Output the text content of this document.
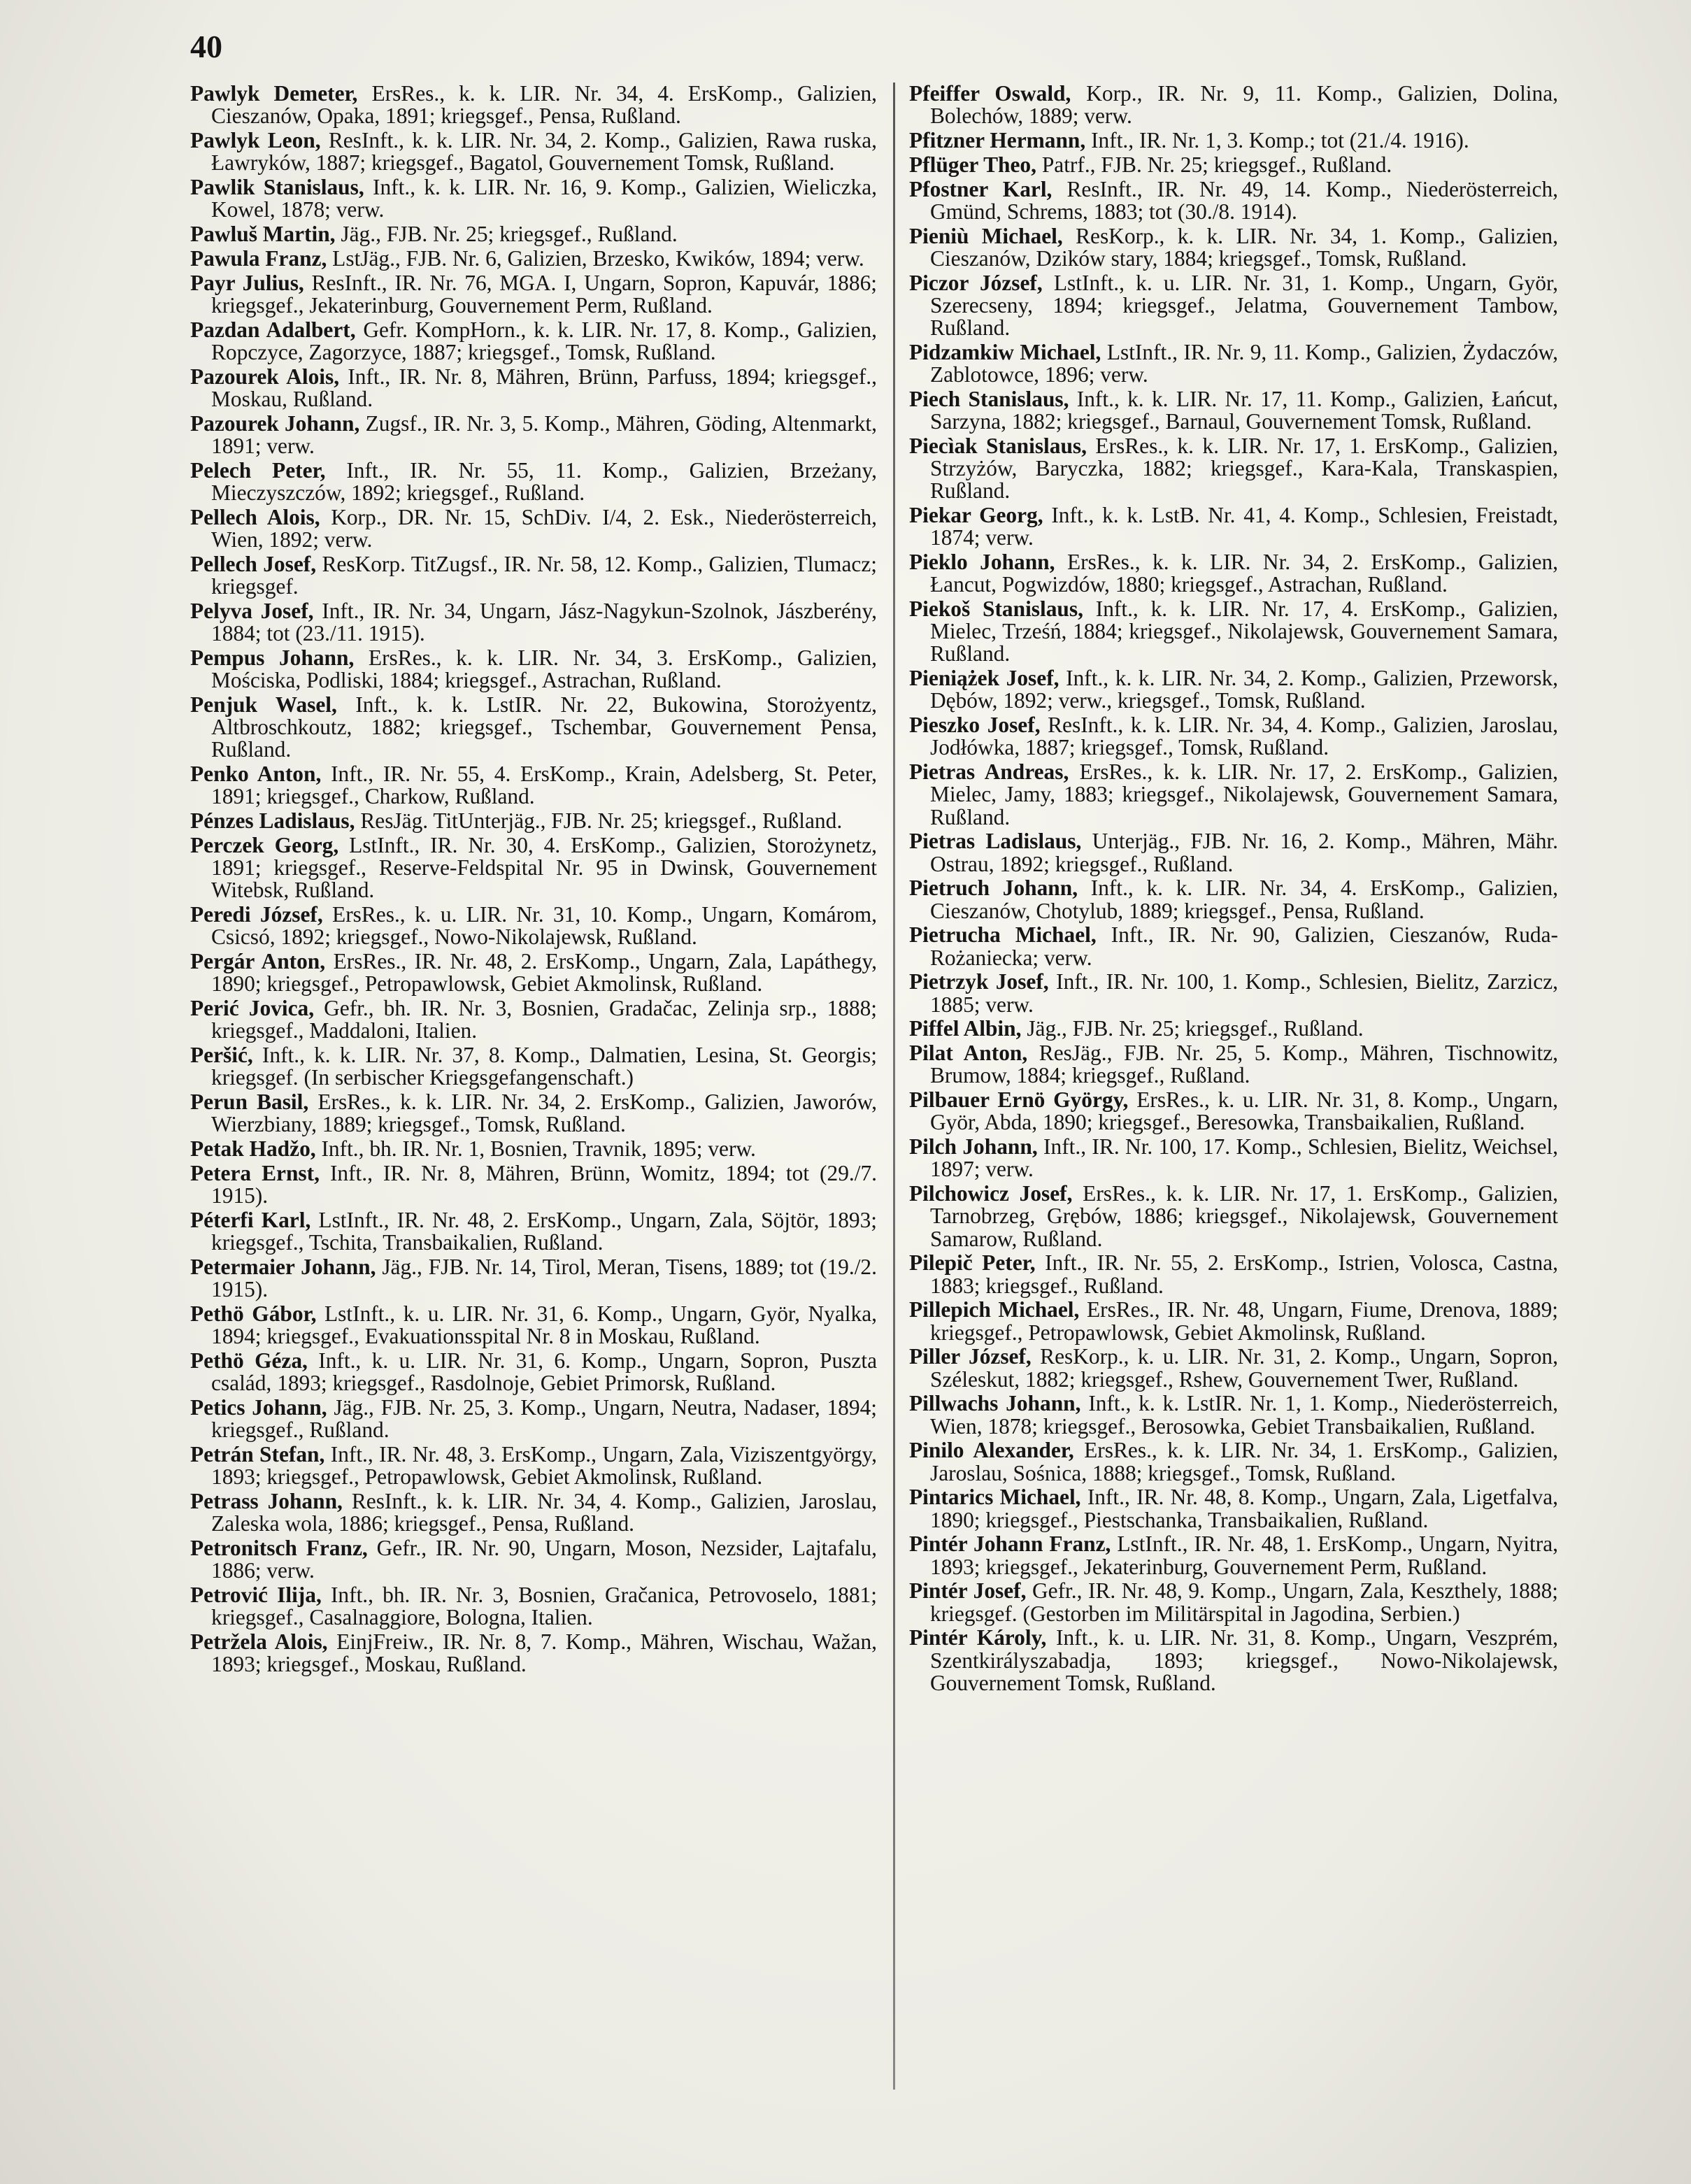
40

Pawlyk Demeter, ErsRes., k. k. LIR. Nr. 34, 4. ErsKomp., Galizien, Cieszanów, Opaka, 1891; kriegsgef., Pensa, Rußland.

Pawlyk Leon, ResInft., k. k. LIR. Nr. 34, 2. Komp., Galizien, Rawa ruska, Ławryków, 1887; kriegsgef., Bagatol, Gouvernement Tomsk, Rußland.

Pawlik Stanislaus, Inft., k. k. LIR. Nr. 16, 9. Komp., Galizien, Wieliczka, Kowel, 1878; verw.

Pawluš Martin, Jäg., FJB. Nr. 25; kriegsgef., Rußland.

Pawula Franz, LstJäg., FJB. Nr. 6, Galizien, Brzesko, Kwików, 1894; verw.

Payr Julius, ResInft., IR. Nr. 76, MGA. I, Ungarn, Sopron, Kapuvár, 1886; kriegsgef., Jekaterinburg, Gouvernement Perm, Rußland.

Pazdan Adalbert, Gefr. KompHorn., k. k. LIR. Nr. 17, 8. Komp., Galizien, Ropczyce, Zagorzyce, 1887; kriegsgef., Tomsk, Rußland.

Pazourek Alois, Inft., IR. Nr. 8, Mähren, Brünn, Parfuss, 1894; kriegsgef., Moskau, Rußland.

Pazourek Johann, Zugsf., IR. Nr. 3, 5. Komp., Mähren, Göding, Altenmarkt, 1891; verw.

Pelech Peter, Inft., IR. Nr. 55, 11. Komp., Galizien, Brzeżany, Mieczyszczów, 1892; kriegsgef., Rußland.

Pellech Alois, Korp., DR. Nr. 15, SchDiv. I/4, 2. Esk., Niederösterreich, Wien, 1892; verw.

Pellech Josef, ResKorp. TitZugsf., IR. Nr. 58, 12. Komp., Galizien, Tlumacz; kriegsgef.

Pelyva Josef, Inft., IR. Nr. 34, Ungarn, Jász-Nagykun-Szolnok, Jászberény, 1884; tot (23./11. 1915).

Pempus Johann, ErsRes., k. k. LIR. Nr. 34, 3. ErsKomp., Galizien, Mościska, Podliski, 1884; kriegsgef., Astrachan, Rußland.

Penjuk Wasel, Inft., k. k. LstIR. Nr. 22, Bukowina, Storożyentz, Altbroschkoutz, 1882; kriegsgef., Tschembar, Gouvernement Pensa, Rußland.

Penko Anton, Inft., IR. Nr. 55, 4. ErsKomp., Krain, Adelsberg, St. Peter, 1891; kriegsgef., Charkow, Rußland.

Pénzes Ladislaus, ResJäg. TitUnterjäg., FJB. Nr. 25; kriegsgef., Rußland.

Perczek Georg, LstInft., IR. Nr. 30, 4. ErsKomp., Galizien, Storożynetz, 1891; kriegsgef., Reserve-Feldspital Nr. 95 in Dwinsk, Gouvernement Witebsk, Rußland.

Peredi József, ErsRes., k. u. LIR. Nr. 31, 10. Komp., Ungarn, Komárom, Csicsó, 1892; kriegsgef., Nowo-Nikolajewsk, Rußland.

Pergár Anton, ErsRes., IR. Nr. 48, 2. ErsKomp., Ungarn, Zala, Lapáthegy, 1890; kriegsgef., Petropawlowsk, Gebiet Akmolinsk, Rußland.

Perić Jovica, Gefr., bh. IR. Nr. 3, Bosnien, Gradačac, Zelinja srp., 1888; kriegsgef., Maddaloni, Italien.

Peršić, Inft., k. k. LIR. Nr. 37, 8. Komp., Dalmatien, Lesina, St. Georgis; kriegsgef. (In serbischer Kriegsgefangenschaft.)

Perun Basil, ErsRes., k. k. LIR. Nr. 34, 2. ErsKomp., Galizien, Jaworów, Wierzbiany, 1889; kriegsgef., Tomsk, Rußland.

Petak Hadžo, Inft., bh. IR. Nr. 1, Bosnien, Travnik, 1895; verw.

Petera Ernst, Inft., IR. Nr. 8, Mähren, Brünn, Womitz, 1894; tot (29./7. 1915).

Péterfi Karl, LstInft., IR. Nr. 48, 2. ErsKomp., Ungarn, Zala, Söjtör, 1893; kriegsgef., Tschita, Transbaikalien, Rußland.

Petermaier Johann, Jäg., FJB. Nr. 14, Tirol, Meran, Tisens, 1889; tot (19./2. 1915).

Pethö Gábor, LstInft., k. u. LIR. Nr. 31, 6. Komp., Ungarn, Györ, Nyalka, 1894; kriegsgef., Evakuationsspital Nr. 8 in Moskau, Rußland.

Pethö Géza, Inft., k. u. LIR. Nr. 31, 6. Komp., Ungarn, Sopron, Puszta család, 1893; kriegsgef., Rasdolnoje, Gebiet Primorsk, Rußland.

Petics Johann, Jäg., FJB. Nr. 25, 3. Komp., Ungarn, Neutra, Nadaser, 1894; kriegsgef., Rußland.

Petrán Stefan, Inft., IR. Nr. 48, 3. ErsKomp., Ungarn, Zala, Viziszentgyörgy, 1893; kriegsgef., Petropawlowsk, Gebiet Akmolinsk, Rußland.

Petrass Johann, ResInft., k. k. LIR. Nr. 34, 4. Komp., Galizien, Jaroslau, Zaleska wola, 1886; kriegsgef., Pensa, Rußland.

Petronitsch Franz, Gefr., IR. Nr. 90, Ungarn, Moson, Nezsider, Lajtafalu, 1886; verw.

Petrović Ilija, Inft., bh. IR. Nr. 3, Bosnien, Gračanica, Petrovoselo, 1881; kriegsgef., Casalnaggiore, Bologna, Italien.

Petržela Alois, EinjFreiw., IR. Nr. 8, 7. Komp., Mähren, Wischau, Wažan, 1893; kriegsgef., Moskau, Rußland.

Pfeiffer Oswald, Korp., IR. Nr. 9, 11. Komp., Galizien, Dolina, Bolechów, 1889; verw.

Pfitzner Hermann, Inft., IR. Nr. 1, 3. Komp.; tot (21./4. 1916).

Pflüger Theo, Patrf., FJB. Nr. 25; kriegsgef., Rußland.

Pfostner Karl, ResInft., IR. Nr. 49, 14. Komp., Niederösterreich, Gmünd, Schrems, 1883; tot (30./8. 1914).

Pieniù Michael, ResKorp., k. k. LIR. Nr. 34, 1. Komp., Galizien, Cieszanów, Dzików stary, 1884; kriegsgef., Tomsk, Rußland.

Piczor József, LstInft., k. u. LIR. Nr. 31, 1. Komp., Ungarn, Györ, Szerecseny, 1894; kriegsgef., Jelatma, Gouvernement Tambow, Rußland.

Pidzamkiw Michael, LstInft., IR. Nr. 9, 11. Komp., Galizien, Żydaczów, Zablotowce, 1896; verw.

Piech Stanislaus, Inft., k. k. LIR. Nr. 17, 11. Komp., Galizien, Łańcut, Sarzyna, 1882; kriegsgef., Barnaul, Gouvernement Tomsk, Rußland.

Piecìak Stanislaus, ErsRes., k. k. LIR. Nr. 17, 1. ErsKomp., Galizien, Strzyżów, Baryczka, 1882; kriegsgef., Kara-Kala, Transkaspien, Rußland.

Piekar Georg, Inft., k. k. LstB. Nr. 41, 4. Komp., Schlesien, Freistadt, 1874; verw.

Pieklo Johann, ErsRes., k. k. LIR. Nr. 34, 2. ErsKomp., Galizien, Łancut, Pogwizdów, 1880; kriegsgef., Astrachan, Rußland.

Piekoš Stanislaus, Inft., k. k. LIR. Nr. 17, 4. ErsKomp., Galizien, Mielec, Trześń, 1884; kriegsgef., Nikolajewsk, Gouvernement Samara, Rußland.

Pieniążek Josef, Inft., k. k. LIR. Nr. 34, 2. Komp., Galizien, Przeworsk, Dębów, 1892; verw., kriegsgef., Tomsk, Rußland.

Pieszko Josef, ResInft., k. k. LIR. Nr. 34, 4. Komp., Galizien, Jaroslau, Jodłówka, 1887; kriegsgef., Tomsk, Rußland.

Pietras Andreas, ErsRes., k. k. LIR. Nr. 17, 2. ErsKomp., Galizien, Mielec, Jamy, 1883; kriegsgef., Nikolajewsk, Gouvernement Samara, Rußland.

Pietras Ladislaus, Unterjäg., FJB. Nr. 16, 2. Komp., Mähren, Mähr. Ostrau, 1892; kriegsgef., Rußland.

Pietruch Johann, Inft., k. k. LIR. Nr. 34, 4. ErsKomp., Galizien, Cieszanów, Chotylub, 1889; kriegsgef., Pensa, Rußland.

Pietrucha Michael, Inft., IR. Nr. 90, Galizien, Cieszanów, Ruda-Rożaniecka; verw.

Pietrzyk Josef, Inft., IR. Nr. 100, 1. Komp., Schlesien, Bielitz, Zarzicz, 1885; verw.

Piffel Albin, Jäg., FJB. Nr. 25; kriegsgef., Rußland.

Pilat Anton, ResJäg., FJB. Nr. 25, 5. Komp., Mähren, Tischnowitz, Brumow, 1884; kriegsgef., Rußland.

Pilbauer Ernö György, ErsRes., k. u. LIR. Nr. 31, 8. Komp., Ungarn, Györ, Abda, 1890; kriegsgef., Beresowka, Transbaikalien, Rußland.

Pilch Johann, Inft., IR. Nr. 100, 17. Komp., Schlesien, Bielitz, Weichsel, 1897; verw.

Pilchowicz Josef, ErsRes., k. k. LIR. Nr. 17, 1. ErsKomp., Galizien, Tarnobrzeg, Grębów, 1886; kriegsgef., Nikolajewsk, Gouvernement Samarow, Rußland.

Pilepič Peter, Inft., IR. Nr. 55, 2. ErsKomp., Istrien, Volosca, Castna, 1883; kriegsgef., Rußland.

Pillepich Michael, ErsRes., IR. Nr. 48, Ungarn, Fiume, Drenova, 1889; kriegsgef., Petropawlowsk, Gebiet Akmolinsk, Rußland.

Piller József, ResKorp., k. u. LIR. Nr. 31, 2. Komp., Ungarn, Sopron, Széleskut, 1882; kriegsgef., Rshew, Gouvernement Twer, Rußland.

Pillwachs Johann, Inft., k. k. LstIR. Nr. 1, 1. Komp., Niederösterreich, Wien, 1878; kriegsgef., Berosowka, Gebiet Transbaikalien, Rußland.

Pinilo Alexander, ErsRes., k. k. LIR. Nr. 34, 1. ErsKomp., Galizien, Jaroslau, Sośnica, 1888; kriegsgef., Tomsk, Rußland.

Pintarics Michael, Inft., IR. Nr. 48, 8. Komp., Ungarn, Zala, Ligetfalva, 1890; kriegsgef., Piestschanka, Transbaikalien, Rußland.

Pintér Johann Franz, LstInft., IR. Nr. 48, 1. ErsKomp., Ungarn, Nyitra, 1893; kriegsgef., Jekaterinburg, Gouvernement Perm, Rußland.

Pintér Josef, Gefr., IR. Nr. 48, 9. Komp., Ungarn, Zala, Keszthely, 1888; kriegsgef. (Gestorben im Militärspital in Jagodina, Serbien.)

Pintér Károly, Inft., k. u. LIR. Nr. 31, 8. Komp., Ungarn, Veszprém, Szentkirályszabadja, 1893; kriegsgef., Nowo-Nikolajewsk, Gouvernement Tomsk, Rußland.
